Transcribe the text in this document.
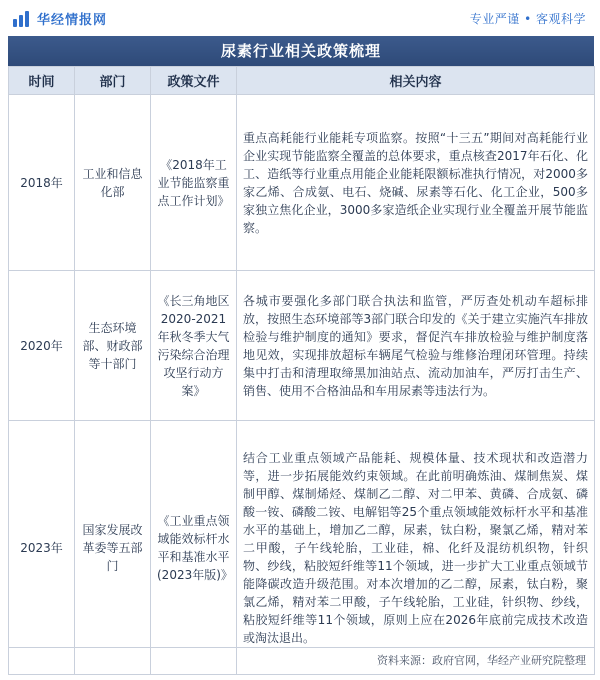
华经情报网	专业严谨 • 客观科学
尿素行业相关政策梳理
时间	部门	政策文件	相关内容
2018年	工业和信息化部	《2018年工业节能监察重点工作计划》	重点高耗能行业能耗专项监察。按照“十三五”期间对高耗能行业企业实现节能监察全覆盖的总体要求，重点核查2017年石化、化工、造纸等行业重点用能企业能耗限额标准执行情况，对2000多家乙烯、合成氨、电石、烧碱、尿素等石化、化工企业，500多家独立焦化企业，3000多家造纸企业实现行业全覆盖开展节能监察。
2020年	生态环境部、财政部等十部门	《长三角地区2020-2021年秋冬季大气污染综合治理攻坚行动方案》	各城市要强化多部门联合执法和监管，严厉查处机动车超标排放，按照生态环境部等3部门联合印发的《关于建立实施汽车排放检验与维护制度的通知》要求，督促汽车排放检验与维护制度落地见效，实现排放超标车辆尾气检验与维修治理闭环管理。持续集中打击和清理取缔黑加油站点、流动加油车，严厉打击生产、销售、使用不合格油品和车用尿素等违法行为。
2023年	国家发展改革委等五部门	《工业重点领域能效标杆水平和基准水平(2023年版)》	结合工业重点领域产品能耗、规模体量、技术现状和改造潜力等，进一步拓展能效约束领域。在此前明确炼油、煤制焦炭、煤制甲醇、煤制烯烃、煤制乙二醇、对二甲苯、黄磷、合成氨、磷酸一铵、磷酸二铵、电解铝等25个重点领域能效标杆水平和基准水平的基础上，增加乙二醇，尿素，钛白粉，聚氯乙烯，精对苯二甲酸，子午线轮胎，工业硅，棉、化纤及混纺机织物，针织物、纱线，粘胶短纤维等11个领域，进一步扩大工业重点领域节能降碳改造升级范围。对本次增加的乙二醇，尿素，钛白粉，聚氯乙烯，精对苯二甲酸，子午线轮胎，工业硅，针织物、纱线，粘胶短纤维等11个领域，原则上应在2026年底前完成技术改造或淘汰退出。
资料来源：政府官网，华经产业研究院整理
